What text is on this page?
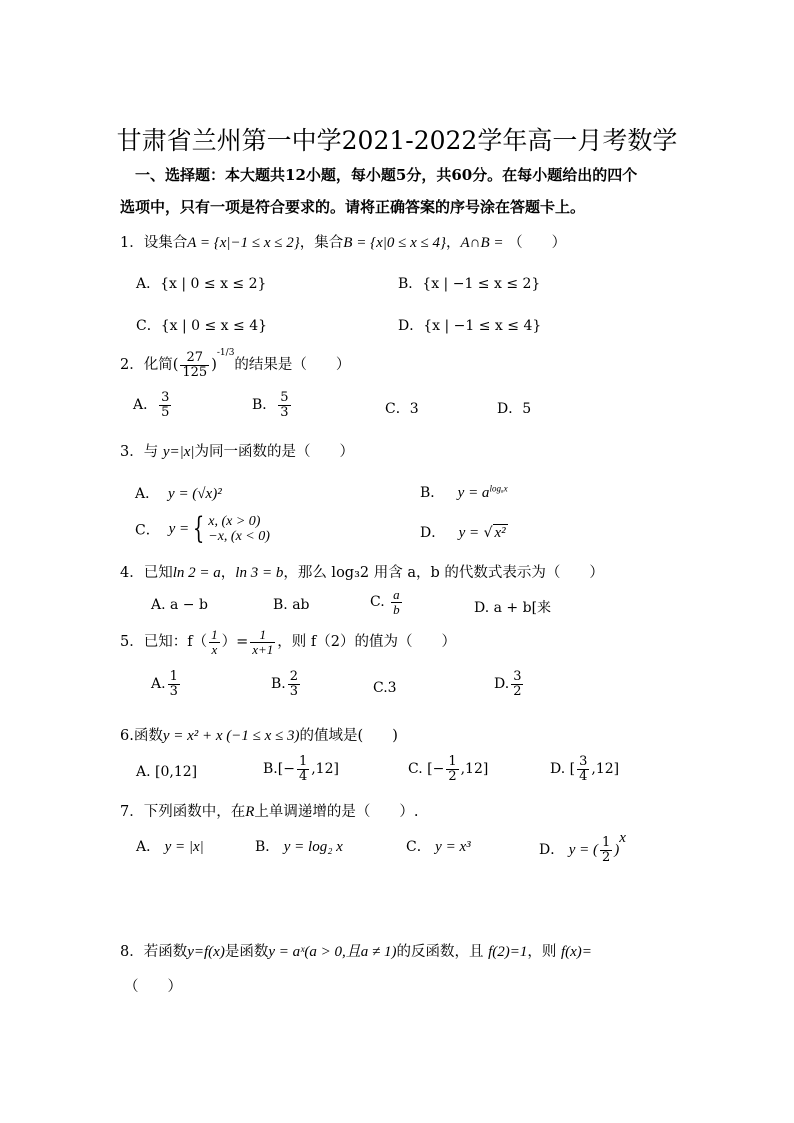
甘肃省兰州第一中学2021-2022学年高一月考数学
一、选择题：本大题共12小题，每小题5分，共60分。在每小题给出的四个
选项中，只有一项是符合要求的。请将正确答案的序号涂在答题卡上。
1．设集合A = {x|−1 ≤ x ≤ 2}，集合B = {x|0 ≤ x ≤ 4}，A∩B = （　　）
A．{x | 0 ≤ x ≤ 2}	B．{x | −1 ≤ x ≤ 2}
C．{x | 0 ≤ x ≤ 4}	D．{x | −1 ≤ x ≤ 4}
2．化简( $\frac{27}{125} )^{-1/3}$的结果是（　　）
A． $\frac{3}{5}$	B． $\frac{5}{3}$	C．3	D．5
3．与 y=|x|为同一函数的是（　　）
A． y = (√x)²	B． $y = a^{log_ax}$
C． y = { x, (x > 0)
−x, (x < 0)	D． y = √ x²
4．已知ln 2 = a，ln 3 = b，那么 log₃2 用含 a，b 的代数式表示为（　　）
A. a − b	B. ab	C. $\frac{a}{b}$	D. a + b[来
5．已知：$f( \frac{1}{x}$ ）= $\frac{1}{x+1}$ ，则 f（2）的值为（　　）
A. $\frac{1}{3}$	B. $\frac{2}{3}$	C.3	D. $\frac{3}{2}$
6.函数y = x² + x (−1 ≤ x ≤ 3)的值域是(　　)
A. [0,12]	$B.[- \frac{1}{4} ,12]$	C. [− $\frac{1}{2} ,12$]	D. [ $\frac{3}{4} ,12$]
7．下列函数中，在R上单调递增的是（　　）.
A． y = |x|	B． y = log₂ x	C． y = x³	D． y = ( $\frac{1}{2} )^x$
8．若函数y=f(x)是函数y = aˣ(a > 0,且a ≠ 1)的反函数，且 f(2)=1，则 f(x)=
（　　）
